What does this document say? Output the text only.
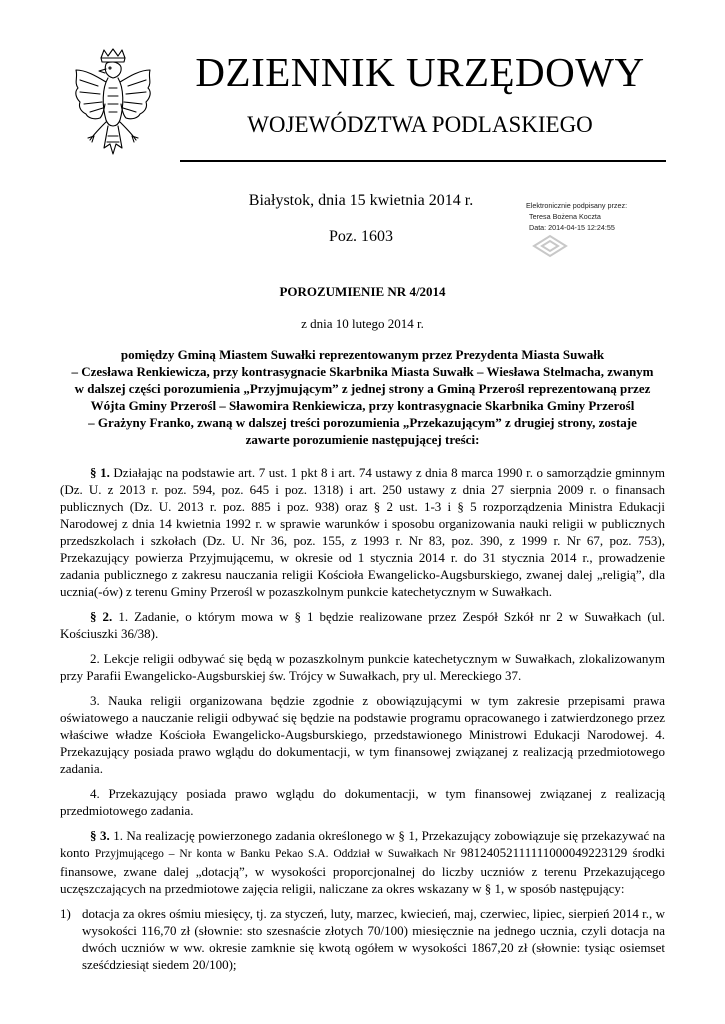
DZIENNIK URZĘDOWY
WOJEWÓDZTWA PODLASKIEGO
Białystok, dnia 15 kwietnia 2014 r.
Poz. 1603
Elektronicznie podpisany przez:
Teresa Bożena Koczta
Data: 2014-04-15 12:24:55
POROZUMIENIE NR 4/2014
z dnia 10 lutego 2014 r.
pomiędzy Gminą Miastem Suwałki reprezentowanym przez Prezydenta Miasta Suwałk
– Czesława Renkiewicza, przy kontrasygnacie Skarbnika Miasta Suwałk – Wiesława Stelmacha, zwanym
w dalszej części porozumienia „Przyjmującym” z jednej strony a Gminą Przerośl reprezentowaną przez
Wójta Gminy Przerośl – Sławomira Renkiewicza, przy kontrasygnacie Skarbnika Gminy Przerośl
– Grażyny Franko, zwaną w dalszej treści porozumienia „Przekazującym” z drugiej strony, zostaje
zawarte porozumienie następującej treści:

§ 1. Działając na podstawie art. 7 ust. 1 pkt 8 i art. 74 ustawy z dnia 8 marca 1990 r. o samorządzie gminnym (Dz. U. z 2013 r. poz. 594, poz. 645 i poz. 1318) i art. 250 ustawy z dnia 27 sierpnia 2009 r. o finansach publicznych (Dz. U. 2013 r. poz. 885 i poz. 938) oraz § 2 ust. 1-3 i § 5 rozporządzenia Ministra Edukacji Narodowej z dnia 14 kwietnia 1992 r. w sprawie warunków i sposobu organizowania nauki religii w publicznych przedszkolach i szkołach (Dz. U. Nr 36, poz. 155, z 1993 r. Nr 83, poz. 390, z 1999 r. Nr 67, poz. 753), Przekazujący powierza Przyjmującemu, w okresie od 1 stycznia 2014 r. do 31 stycznia 2014 r., prowadzenie zadania publicznego z zakresu nauczania religii Kościoła Ewangelicko-Augsburskiego, zwanej dalej „religią”, dla ucznia(-ów) z terenu Gminy Przerośl w pozaszkolnym punkcie katechetycznym w Suwałkach.

§ 2. 1. Zadanie, o którym mowa w § 1 będzie realizowane przez Zespół Szkół nr 2 w Suwałkach (ul. Kościuszki 36/38).

2. Lekcje religii odbywać się będą w pozaszkolnym punkcie katechetycznym w Suwałkach, zlokalizowanym przy Parafii Ewangelicko-Augsburskiej św. Trójcy w Suwałkach, pry ul. Mereckiego 37.

3. Nauka religii organizowana będzie zgodnie z obowiązującymi w tym zakresie przepisami prawa oświatowego a nauczanie religii odbywać się będzie na podstawie programu opracowanego i zatwierdzonego przez właściwe władze Kościoła Ewangelicko-Augsburskiego, przedstawionego Ministrowi Edukacji Narodowej. 4. Przekazujący posiada prawo wglądu do dokumentacji, w tym finansowej związanej z realizacją przedmiotowego zadania.

4. Przekazujący posiada prawo wglądu do dokumentacji, w tym finansowej związanej z realizacją przedmiotowego zadania.

§ 3. 1. Na realizację powierzonego zadania określonego w § 1, Przekazujący zobowiązuje się przekazywać na konto Przyjmującego – Nr konta w Banku Pekao S.A. Oddział w Suwałkach Nr 98124052111111000049223129 środki finansowe, zwane dalej „dotacją”, w wysokości proporcjonalnej do liczby uczniów z terenu Przekazującego uczęszczających na przedmiotowe zajęcia religii, naliczane za okres wskazany w § 1, w sposób następujący:

1) dotacja za okres ośmiu miesięcy, tj. za styczeń, luty, marzec, kwiecień, maj, czerwiec, lipiec, sierpień 2014 r., w wysokości 116,70 zł (słownie: sto szesnaście złotych 70/100) miesięcznie na jednego ucznia, czyli dotacja na dwóch uczniów w ww. okresie zamknie się kwotą ogółem w wysokości 1867,20 zł (słownie: tysiąc osiemset sześćdziesiąt siedem 20/100);
